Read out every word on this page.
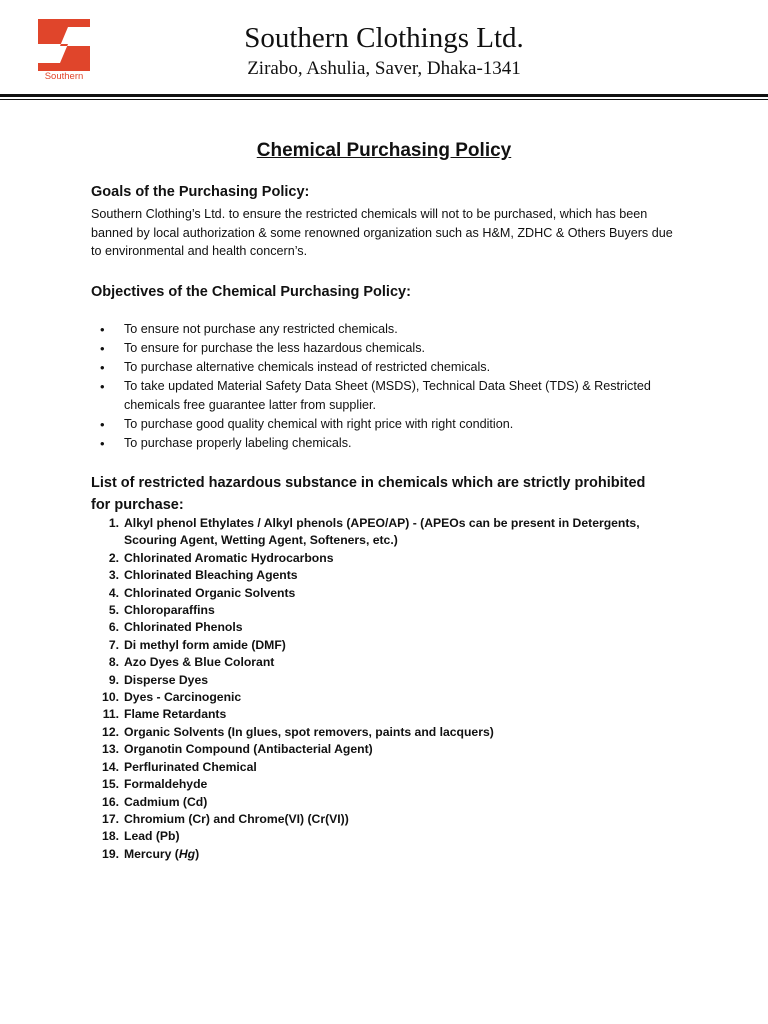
Southern
Southern Clothings Ltd.
Zirabo, Ashulia, Saver, Dhaka-1341
Chemical Purchasing Policy
Goals of the Purchasing Policy:
Southern Clothing’s Ltd. to ensure the restricted chemicals will not to be purchased, which has been banned by local authorization & some renowned organization such as H&M, ZDHC & Others Buyers due to environmental and health concern’s.
Objectives of the Chemical Purchasing Policy:
• To ensure not purchase any restricted chemicals.
• To ensure for purchase the less hazardous chemicals.
• To purchase alternative chemicals instead of restricted chemicals.
• To take updated Material Safety Data Sheet (MSDS), Technical Data Sheet (TDS) & Restricted chemicals free guarantee latter from supplier.
• To purchase good quality chemical with right price with right condition.
• To purchase properly labeling chemicals.
List of restricted hazardous substance in chemicals which are strictly prohibited for purchase:
1. Alkyl phenol Ethylates / Alkyl phenols (APEO/AP) - (APEOs can be present in Detergents, Scouring Agent, Wetting Agent, Softeners, etc.)
2. Chlorinated Aromatic Hydrocarbons
3. Chlorinated Bleaching Agents
4. Chlorinated Organic Solvents
5. Chloroparaffins
6. Chlorinated Phenols
7. Di methyl form amide (DMF)
8. Azo Dyes & Blue Colorant
9. Disperse Dyes
10. Dyes - Carcinogenic
11. Flame Retardants
12. Organic Solvents (In glues, spot removers, paints and lacquers)
13. Organotin Compound (Antibacterial Agent)
14. Perflurinated Chemical
15. Formaldehyde
16. Cadmium (Cd)
17. Chromium (Cr) and Chrome(VI) (Cr(VI))
18. Lead (Pb)
19. Mercury (Hg)
